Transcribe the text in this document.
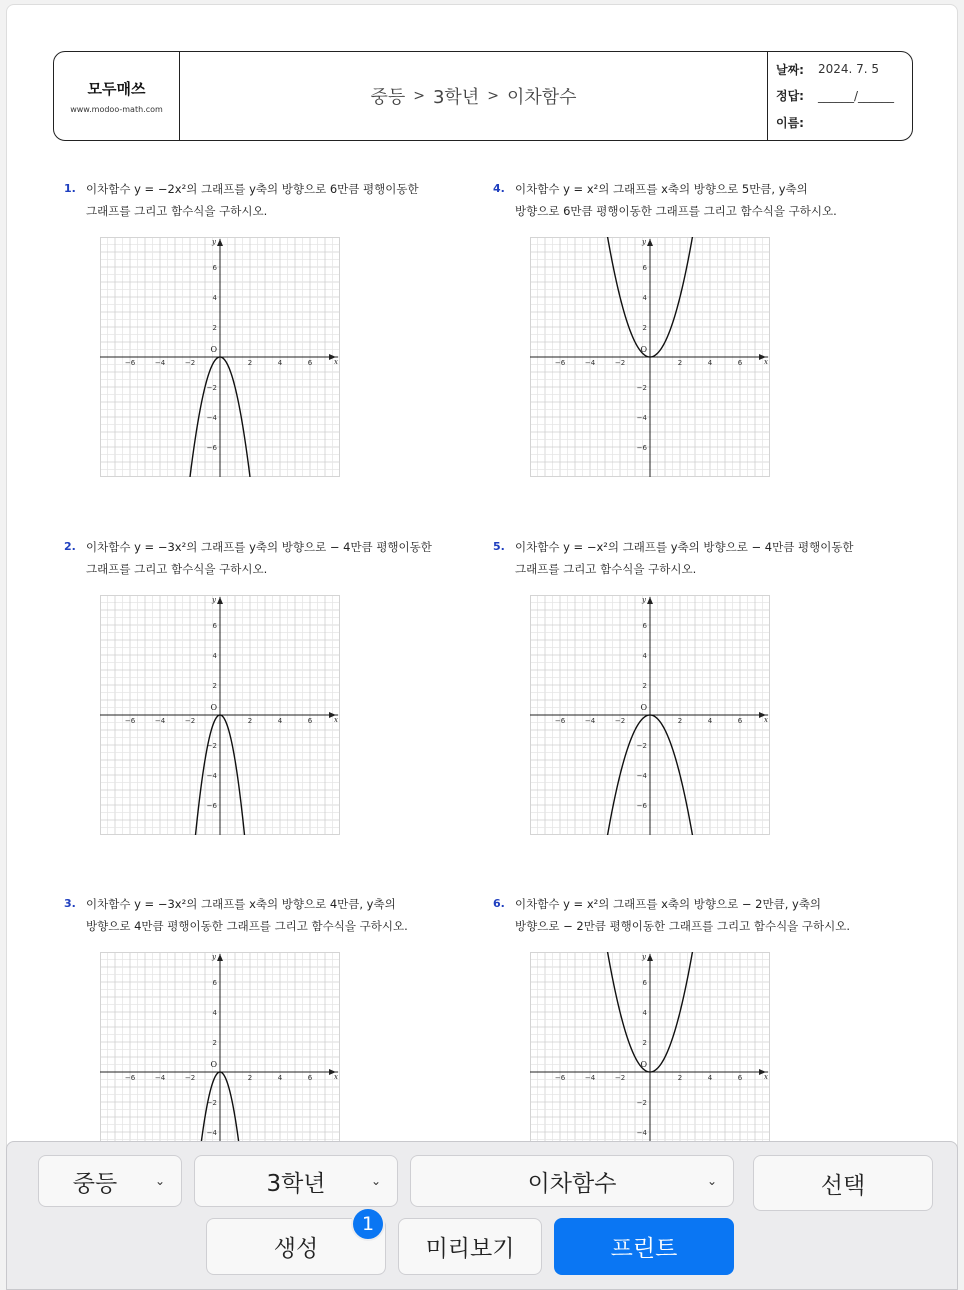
모두매쓰
www.modoo-math.com
중등 > 3학년 > 이차함수
날짜: 2024. 7. 5
정답: ______/______
이름:
1. 이차함수 y = −2x²의 그래프를 y축의 방향으로 6만큼 평행이동한
그래프를 그리고 함수식을 구하시오.
−6	−4	−2	2	4	6
6
4
2
−2
−4
−6
O
x
y
2. 이차함수 y = −3x²의 그래프를 y축의 방향으로 − 4만큼 평행이동한
그래프를 그리고 함수식을 구하시오.
−6	−4	−2	2	4	6
6
4
2
−2
−4
−6
O
x
y
3. 이차함수 y = −3x²의 그래프를 x축의 방향으로 4만큼, y축의
방향으로 4만큼 평행이동한 그래프를 그리고 함수식을 구하시오.
−6	−4	−2	2	4	6
6
4
2
−2
−4
O
x
y
4. 이차함수 y = x²의 그래프를 x축의 방향으로 5만큼, y축의
방향으로 6만큼 평행이동한 그래프를 그리고 함수식을 구하시오.
−6	−4	−2	2	4	6
6
4
2
−2
−4
−6
O
x
y
5. 이차함수 y = −x²의 그래프를 y축의 방향으로 − 4만큼 평행이동한
그래프를 그리고 함수식을 구하시오.
−6	−4	−2	2	4	6
6
4
2
−2
−4
−6
O
x
y
6. 이차함수 y = x²의 그래프를 x축의 방향으로 − 2만큼, y축의
방향으로 − 2만큼 평행이동한 그래프를 그리고 함수식을 구하시오.
−6	−4	−2	2	4	6
6
4
2
−2
−4
O
x
y
중등	⌄	3학년	⌄	이차함수	⌄	선택
생성
1
미리보기	프린트
